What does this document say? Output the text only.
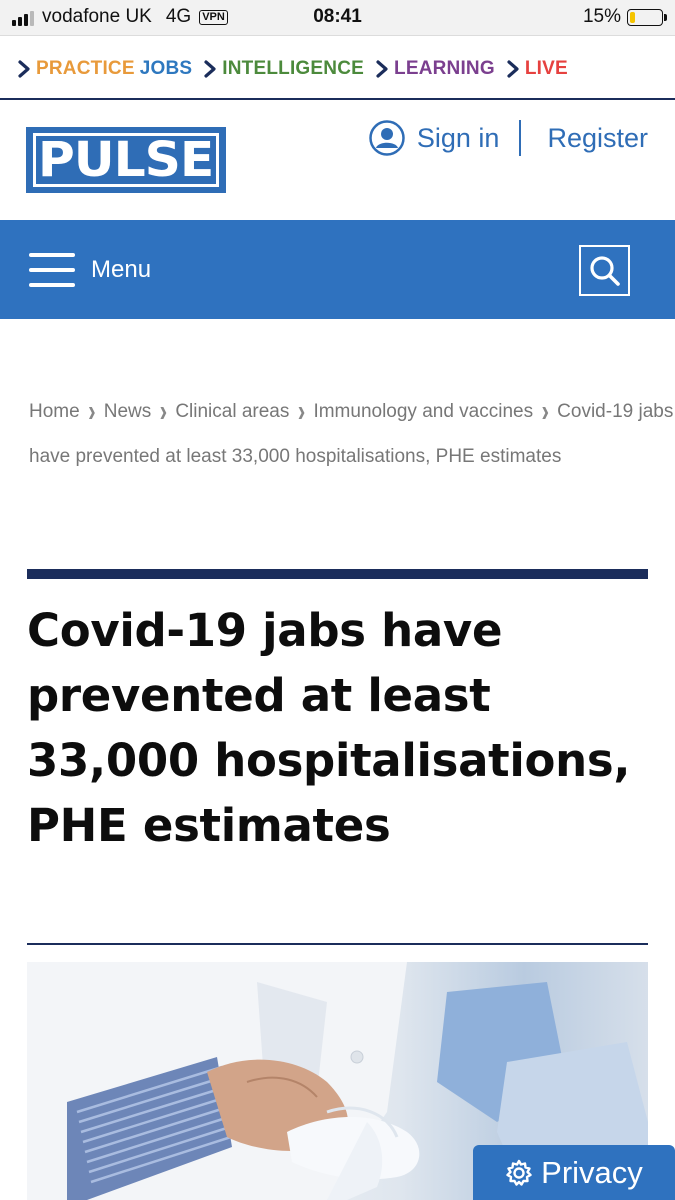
vodafone UK 4G VPN	08:41	15%
PRACTICE JOBS INTELLIGENCE LEARNING LIVE
PULSE	Sign in Register
Menu
Home ❱ News ❱ Clinical areas ❱ Immunology and vaccines ❱ Covid-19 jabs have prevented at least 33,000 hospitalisations, PHE estimates
Covid-19 jabs have prevented at least 33,000 hospitalisations, PHE estimates
Privacy
